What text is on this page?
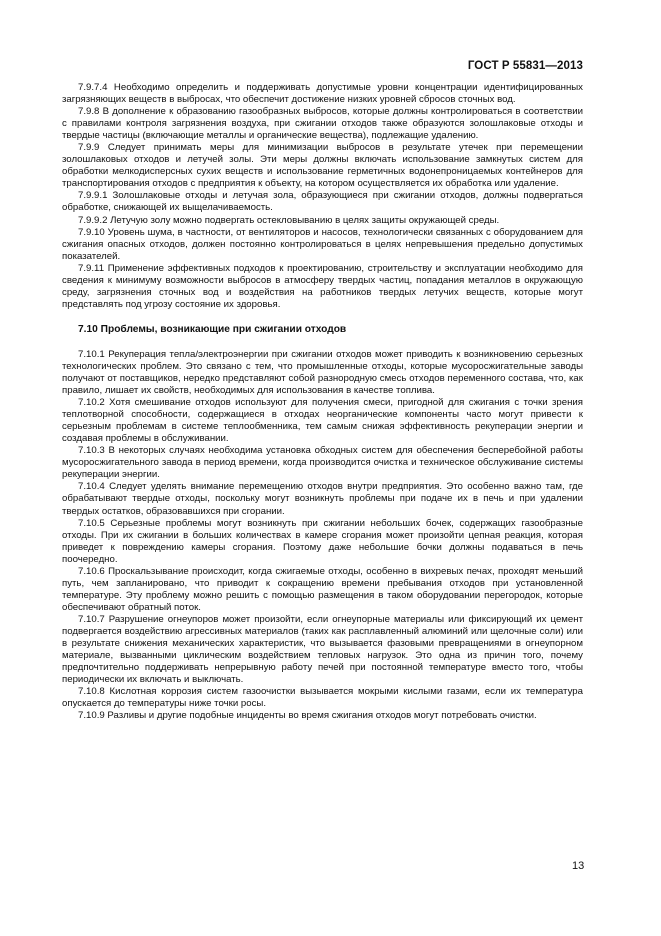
ГОСТ Р 55831—2013

7.9.7.4 Необходимо определить и поддерживать допустимые уровни концентрации идентифицированных загрязняющих веществ в выбросах, что обеспечит достижение низких уровней сбросов сточных вод.

7.9.8 В дополнение к образованию газообразных выбросов, которые должны контролироваться в соответствии с правилами контроля загрязнения воздуха, при сжигании отходов также образуются золошлаковые отходы и твердые частицы (включающие металлы и органические вещества), подлежащие удалению.

7.9.9 Следует принимать меры для минимизации выбросов в результате утечек при перемещении золошлаковых отходов и летучей золы. Эти меры должны включать использование замкнутых систем для обработки мелкодисперсных сухих веществ и использование герметичных водонепроницаемых контейнеров для транспортирования отходов с предприятия к объекту, на котором осуществляется их обработка или удаление.

7.9.9.1 Золошлаковые отходы и летучая зола, образующиеся при сжигании отходов, должны подвергаться обработке, снижающей их выщелачиваемость.

7.9.9.2 Летучую золу можно подвергать остекловыванию в целях защиты окружающей среды.

7.9.10 Уровень шума, в частности, от вентиляторов и насосов, технологически связанных с оборудованием для сжигания опасных отходов, должен постоянно контролироваться в целях непревышения предельно допустимых показателей.

7.9.11 Применение эффективных подходов к проектированию, строительству и эксплуатации необходимо для сведения к минимуму возможности выбросов в атмосферу твердых частиц, попадания металлов в окружающую среду, загрязнения сточных вод и воздействия на работников твердых летучих веществ, которые могут представлять под угрозу состояние их здоровья.

7.10 Проблемы, возникающие при сжигании отходов

7.10.1 Рекуперация тепла/электроэнергии при сжигании отходов может приводить к возникновению серьезных технологических проблем. Это связано с тем, что промышленные отходы, которые мусоросжигательные заводы получают от поставщиков, нередко представляют собой разнородную смесь отходов переменного состава, что, как правило, лишает их свойств, необходимых для использования в качестве топлива.

7.10.2 Хотя смешивание отходов используют для получения смеси, пригодной для сжигания с точки зрения теплотворной способности, содержащиеся в отходах неорганические компоненты часто могут привести к серьезным проблемам в системе теплообменника, тем самым снижая эффективность рекуперации энергии и создавая проблемы в обслуживании.

7.10.3 В некоторых случаях необходима установка обходных систем для обеспечения бесперебойной работы мусоросжигательного завода в период времени, когда производится очистка и техническое обслуживание системы рекуперации энергии.

7.10.4 Следует уделять внимание перемещению отходов внутри предприятия. Это особенно важно там, где обрабатывают твердые отходы, поскольку могут возникнуть проблемы при подаче их в печь и при удалении твердых остатков, образовавшихся при сгорании.

7.10.5 Серьезные проблемы могут возникнуть при сжигании небольших бочек, содержащих газообразные отходы. При их сжигании в больших количествах в камере сгорания может произойти цепная реакция, которая приведет к повреждению камеры сгорания. Поэтому даже небольшие бочки должны подаваться в печь поочередно.

7.10.6 Проскальзывание происходит, когда сжигаемые отходы, особенно в вихревых печах, проходят меньший путь, чем запланировано, что приводит к сокращению времени пребывания отходов при установленной температуре. Эту проблему можно решить с помощью размещения в таком оборудовании перегородок, которые обеспечивают обратный поток.

7.10.7 Разрушение огнеупоров может произойти, если огнеупорные материалы или фиксирующий их цемент подвергается воздействию агрессивных материалов (таких как расплавленный алюминий или щелочные соли) или в результате снижения механических характеристик, что вызывается фазовыми превращениями в огнеупорном материале, вызванными циклическим воздействием тепловых нагрузок. Это одна из причин того, почему предпочтительно поддерживать непрерывную работу печей при постоянной температуре вместо того, чтобы периодически их включать и выключать.

7.10.8 Кислотная коррозия систем газоочистки вызывается мокрыми кислыми газами, если их температура опускается до температуры ниже точки росы.

7.10.9 Разливы и другие подобные инциденты во время сжигания отходов могут потребовать очистки.

13
